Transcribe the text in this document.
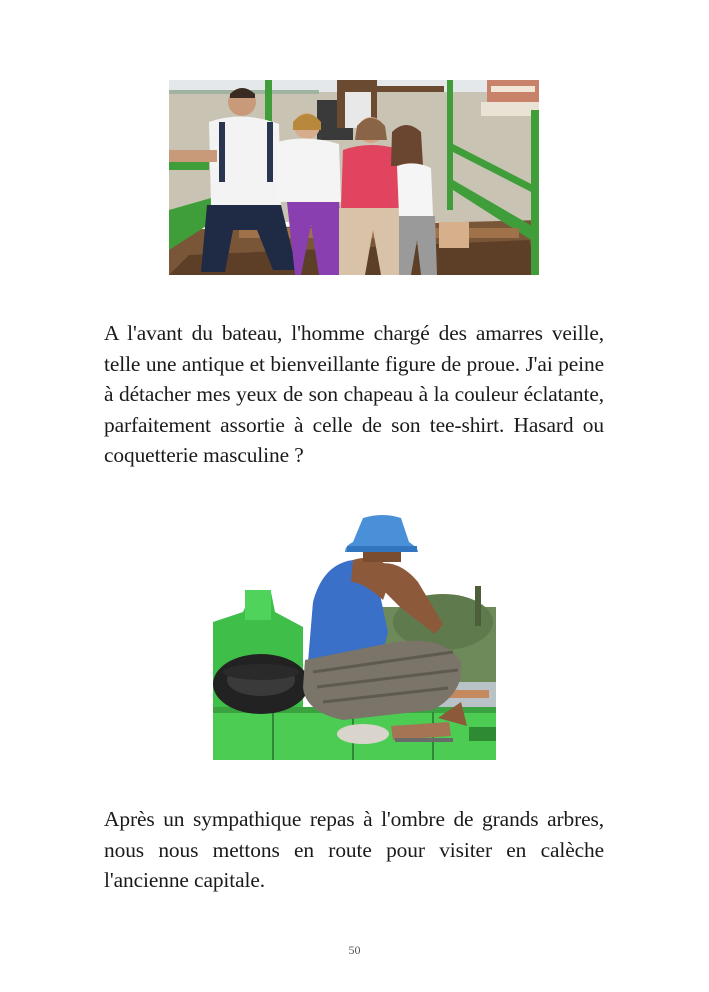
A l'avant du bateau, l'homme chargé des amarres veille, telle une antique et bienveillante figure de proue. J'ai peine à détacher mes yeux de son chapeau à la couleur éclatante, parfaitement assortie à celle de son tee-shirt. Hasard ou coquetterie masculine ?

Après un sympathique repas à l'ombre de grands arbres, nous nous mettons en route pour visiter en calèche l'ancienne capitale.

50
